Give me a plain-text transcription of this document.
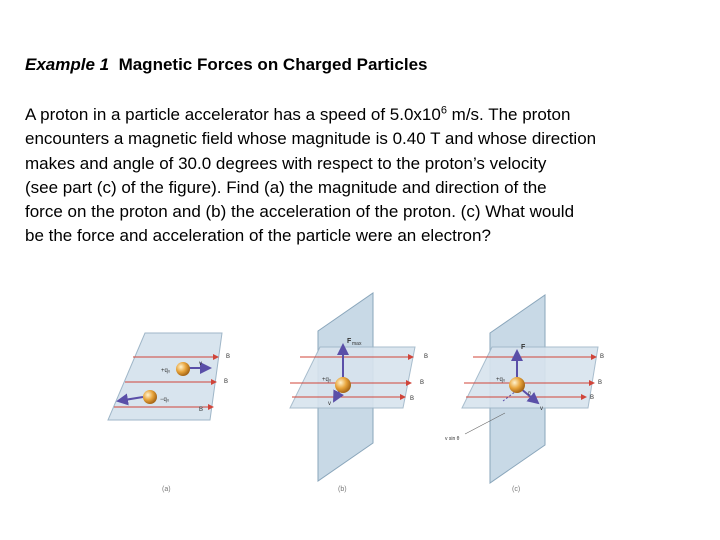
Example 1 Magnetic Forces on Charged Particles
A proton in a particle accelerator has a speed of $5.0x10^6$ m/s. The proton
encounters a magnetic field whose magnitude is 0.40 T and whose direction
makes and angle of 30.0 degrees with respect to the proton’s velocity
(see part (c) of the figure). Find (a) the magnitude and direction of the
force on the proton and (b) the acceleration of the proton. (c) What would
be the force and acceleration of the particle were an electron?
+q₀
−q₀
v
B
B
B
(a)
F max
+q₀
v
B
B
B
(b)
F
+q₀
v
θ
B
B
B
v sin θ
(c)
